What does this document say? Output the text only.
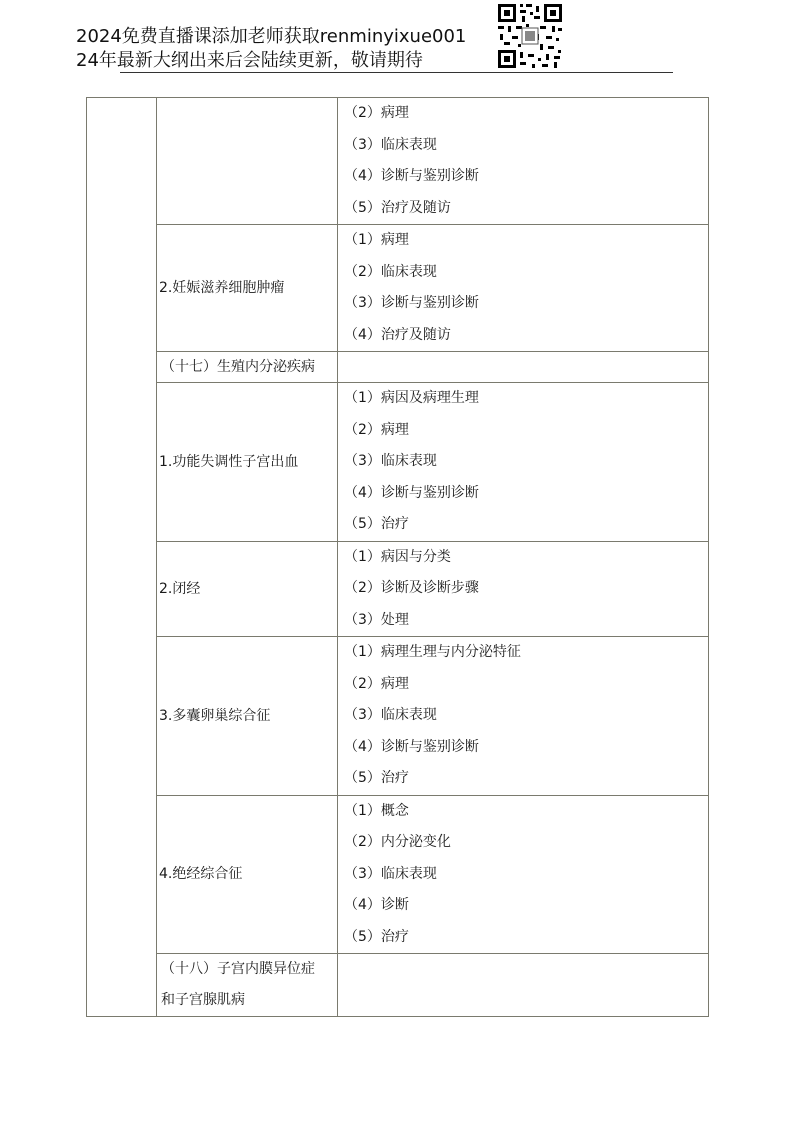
2024免费直播课添加老师获取renminyixue001
24年最新大纲出来后会陆续更新，敬请期待

		（2）病理
（3）临床表现
（4）诊断与鉴别诊断
（5）治疗及随访

	2.妊娠滋养细胞肿瘤	（1）病理
（2）临床表现
（3）诊断与鉴别诊断
（4）治疗及随访

	（十七）生殖内分泌疾病	
	1.功能失调性子宫出血	（1）病因及病理生理
（2）病理
（3）临床表现
（4）诊断与鉴别诊断
（5）治疗

	2.闭经	（1）病因与分类
（2）诊断及诊断步骤
（3）处理

	3.多囊卵巢综合征	（1）病理生理与内分泌特征
（2）病理
（3）临床表现
（4）诊断与鉴别诊断
（5）治疗

	4.绝经综合征	（1）概念
（2）内分泌变化
（3）临床表现
（4）诊断
（5）治疗

	（十八）子宫内膜异位症
和子宫腺肌病	
